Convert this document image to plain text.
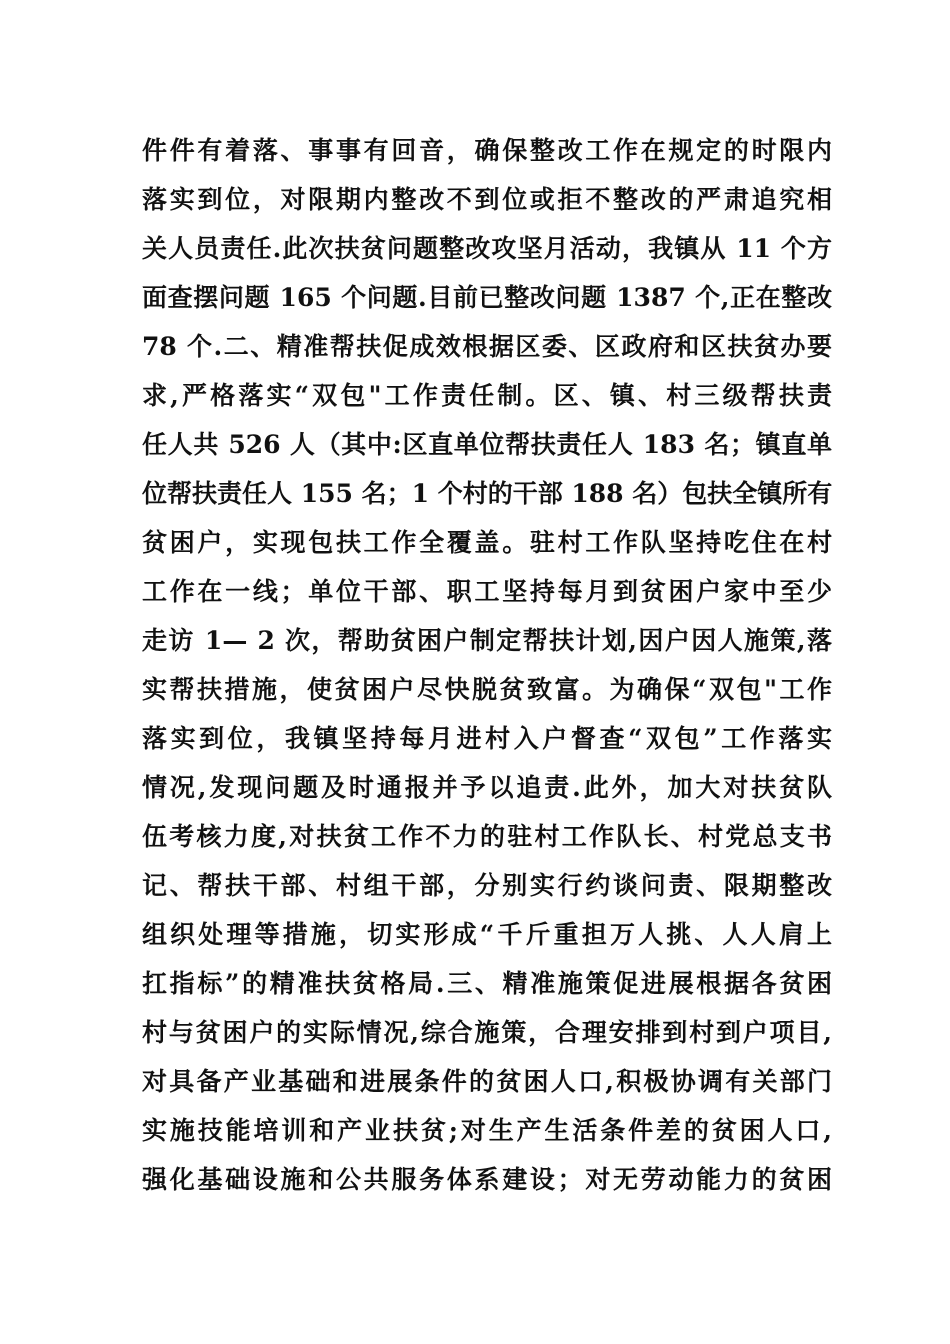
件件有着落、事事有回音，确保整改工作在规定的时限内
落实到位，对限期内整改不到位或拒不整改的严肃追究相
关人员责任.此次扶贫问题整改攻坚月活动，我镇从 11 个方
面查摆问题 165 个问题.目前已整改问题 1387 个,正在整改
78 个.二、精准帮扶促成效根据区委、区政府和区扶贫办要
求,严格落实“双包"工作责任制。区、镇、村三级帮扶责
任人共 526 人（其中:区直单位帮扶责任人 183 名；镇直单
位帮扶责任人 155 名；1 个村的干部 188 名）包扶全镇所有
贫困户，实现包扶工作全覆盖。驻村工作队坚持吃住在村
工作在一线；单位干部、职工坚持每月到贫困户家中至少
走访 1— 2 次，帮助贫困户制定帮扶计划,因户因人施策,落
实帮扶措施，使贫困户尽快脱贫致富。为确保“双包"工作
落实到位，我镇坚持每月进村入户督查“双包”工作落实
情况,发现问题及时通报并予以追责.此外，加大对扶贫队
伍考核力度,对扶贫工作不力的驻村工作队长、村党总支书
记、帮扶干部、村组干部，分别实行约谈问责、限期整改
组织处理等措施，切实形成“千斤重担万人挑、人人肩上
扛指标”的精准扶贫格局.三、精准施策促进展根据各贫困
村与贫困户的实际情况,综合施策，合理安排到村到户项目,
对具备产业基础和进展条件的贫困人口,积极协调有关部门
实施技能培训和产业扶贫;对生产生活条件差的贫困人口,
强化基础设施和公共服务体系建设；对无劳动能力的贫困
